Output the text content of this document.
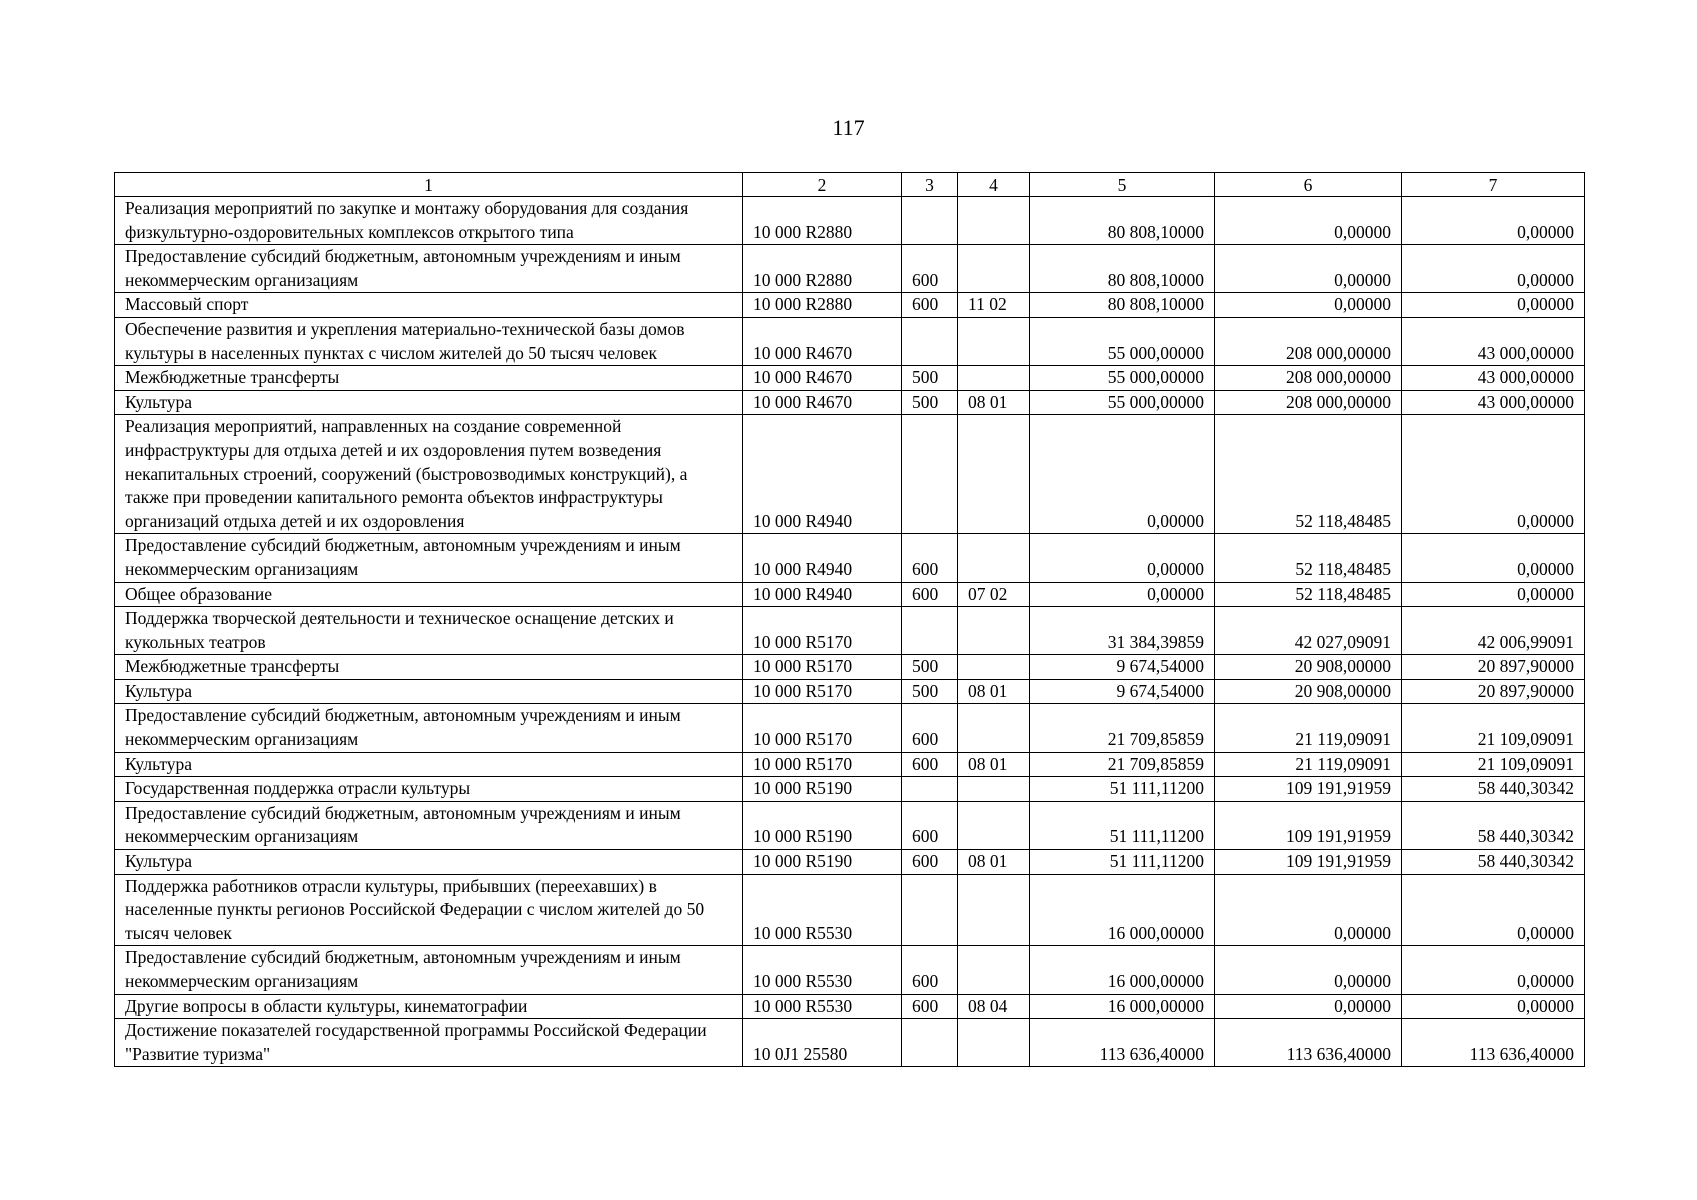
117
1	2	3	4	5	6	7
Реализация мероприятий по закупке и монтажу оборудования для создания физкультурно-оздоровительных комплексов открытого типа	10 000 R2880			80 808,10000	0,00000	0,00000
Предоставление субсидий бюджетным, автономным учреждениям и иным некоммерческим организациям	10 000 R2880	600		80 808,10000	0,00000	0,00000
Массовый спорт	10 000 R2880	600	11 02	80 808,10000	0,00000	0,00000
Обеспечение развития и укрепления материально-технической базы домов культуры в населенных пунктах с числом жителей до 50 тысяч человек	10 000 R4670			55 000,00000	208 000,00000	43 000,00000
Межбюджетные трансферты	10 000 R4670	500		55 000,00000	208 000,00000	43 000,00000
Культура	10 000 R4670	500	08 01	55 000,00000	208 000,00000	43 000,00000
Реализация мероприятий, направленных на создание современной инфраструктуры для отдыха детей и их оздоровления путем возведения некапитальных строений, сооружений (быстровозводимых конструкций), а также при проведении капитального ремонта объектов инфраструктуры организаций отдыха детей и их оздоровления	10 000 R4940			0,00000	52 118,48485	0,00000
Предоставление субсидий бюджетным, автономным учреждениям и иным некоммерческим организациям	10 000 R4940	600		0,00000	52 118,48485	0,00000
Общее образование	10 000 R4940	600	07 02	0,00000	52 118,48485	0,00000
Поддержка творческой деятельности и техническое оснащение детских и кукольных театров	10 000 R5170			31 384,39859	42 027,09091	42 006,99091
Межбюджетные трансферты	10 000 R5170	500		9 674,54000	20 908,00000	20 897,90000
Культура	10 000 R5170	500	08 01	9 674,54000	20 908,00000	20 897,90000
Предоставление субсидий бюджетным, автономным учреждениям и иным некоммерческим организациям	10 000 R5170	600		21 709,85859	21 119,09091	21 109,09091
Культура	10 000 R5170	600	08 01	21 709,85859	21 119,09091	21 109,09091
Государственная поддержка отрасли культуры	10 000 R5190			51 111,11200	109 191,91959	58 440,30342
Предоставление субсидий бюджетным, автономным учреждениям и иным некоммерческим организациям	10 000 R5190	600		51 111,11200	109 191,91959	58 440,30342
Культура	10 000 R5190	600	08 01	51 111,11200	109 191,91959	58 440,30342
Поддержка работников отрасли культуры, прибывших (переехавших) в населенные пункты регионов Российской Федерации с числом жителей до 50 тысяч человек	10 000 R5530			16 000,00000	0,00000	0,00000
Предоставление субсидий бюджетным, автономным учреждениям и иным некоммерческим организациям	10 000 R5530	600		16 000,00000	0,00000	0,00000
Другие вопросы в области культуры, кинематографии	10 000 R5530	600	08 04	16 000,00000	0,00000	0,00000
Достижение показателей государственной программы Российской Федерации "Развитие туризма"	10 0J1 25580			113 636,40000	113 636,40000	113 636,40000
